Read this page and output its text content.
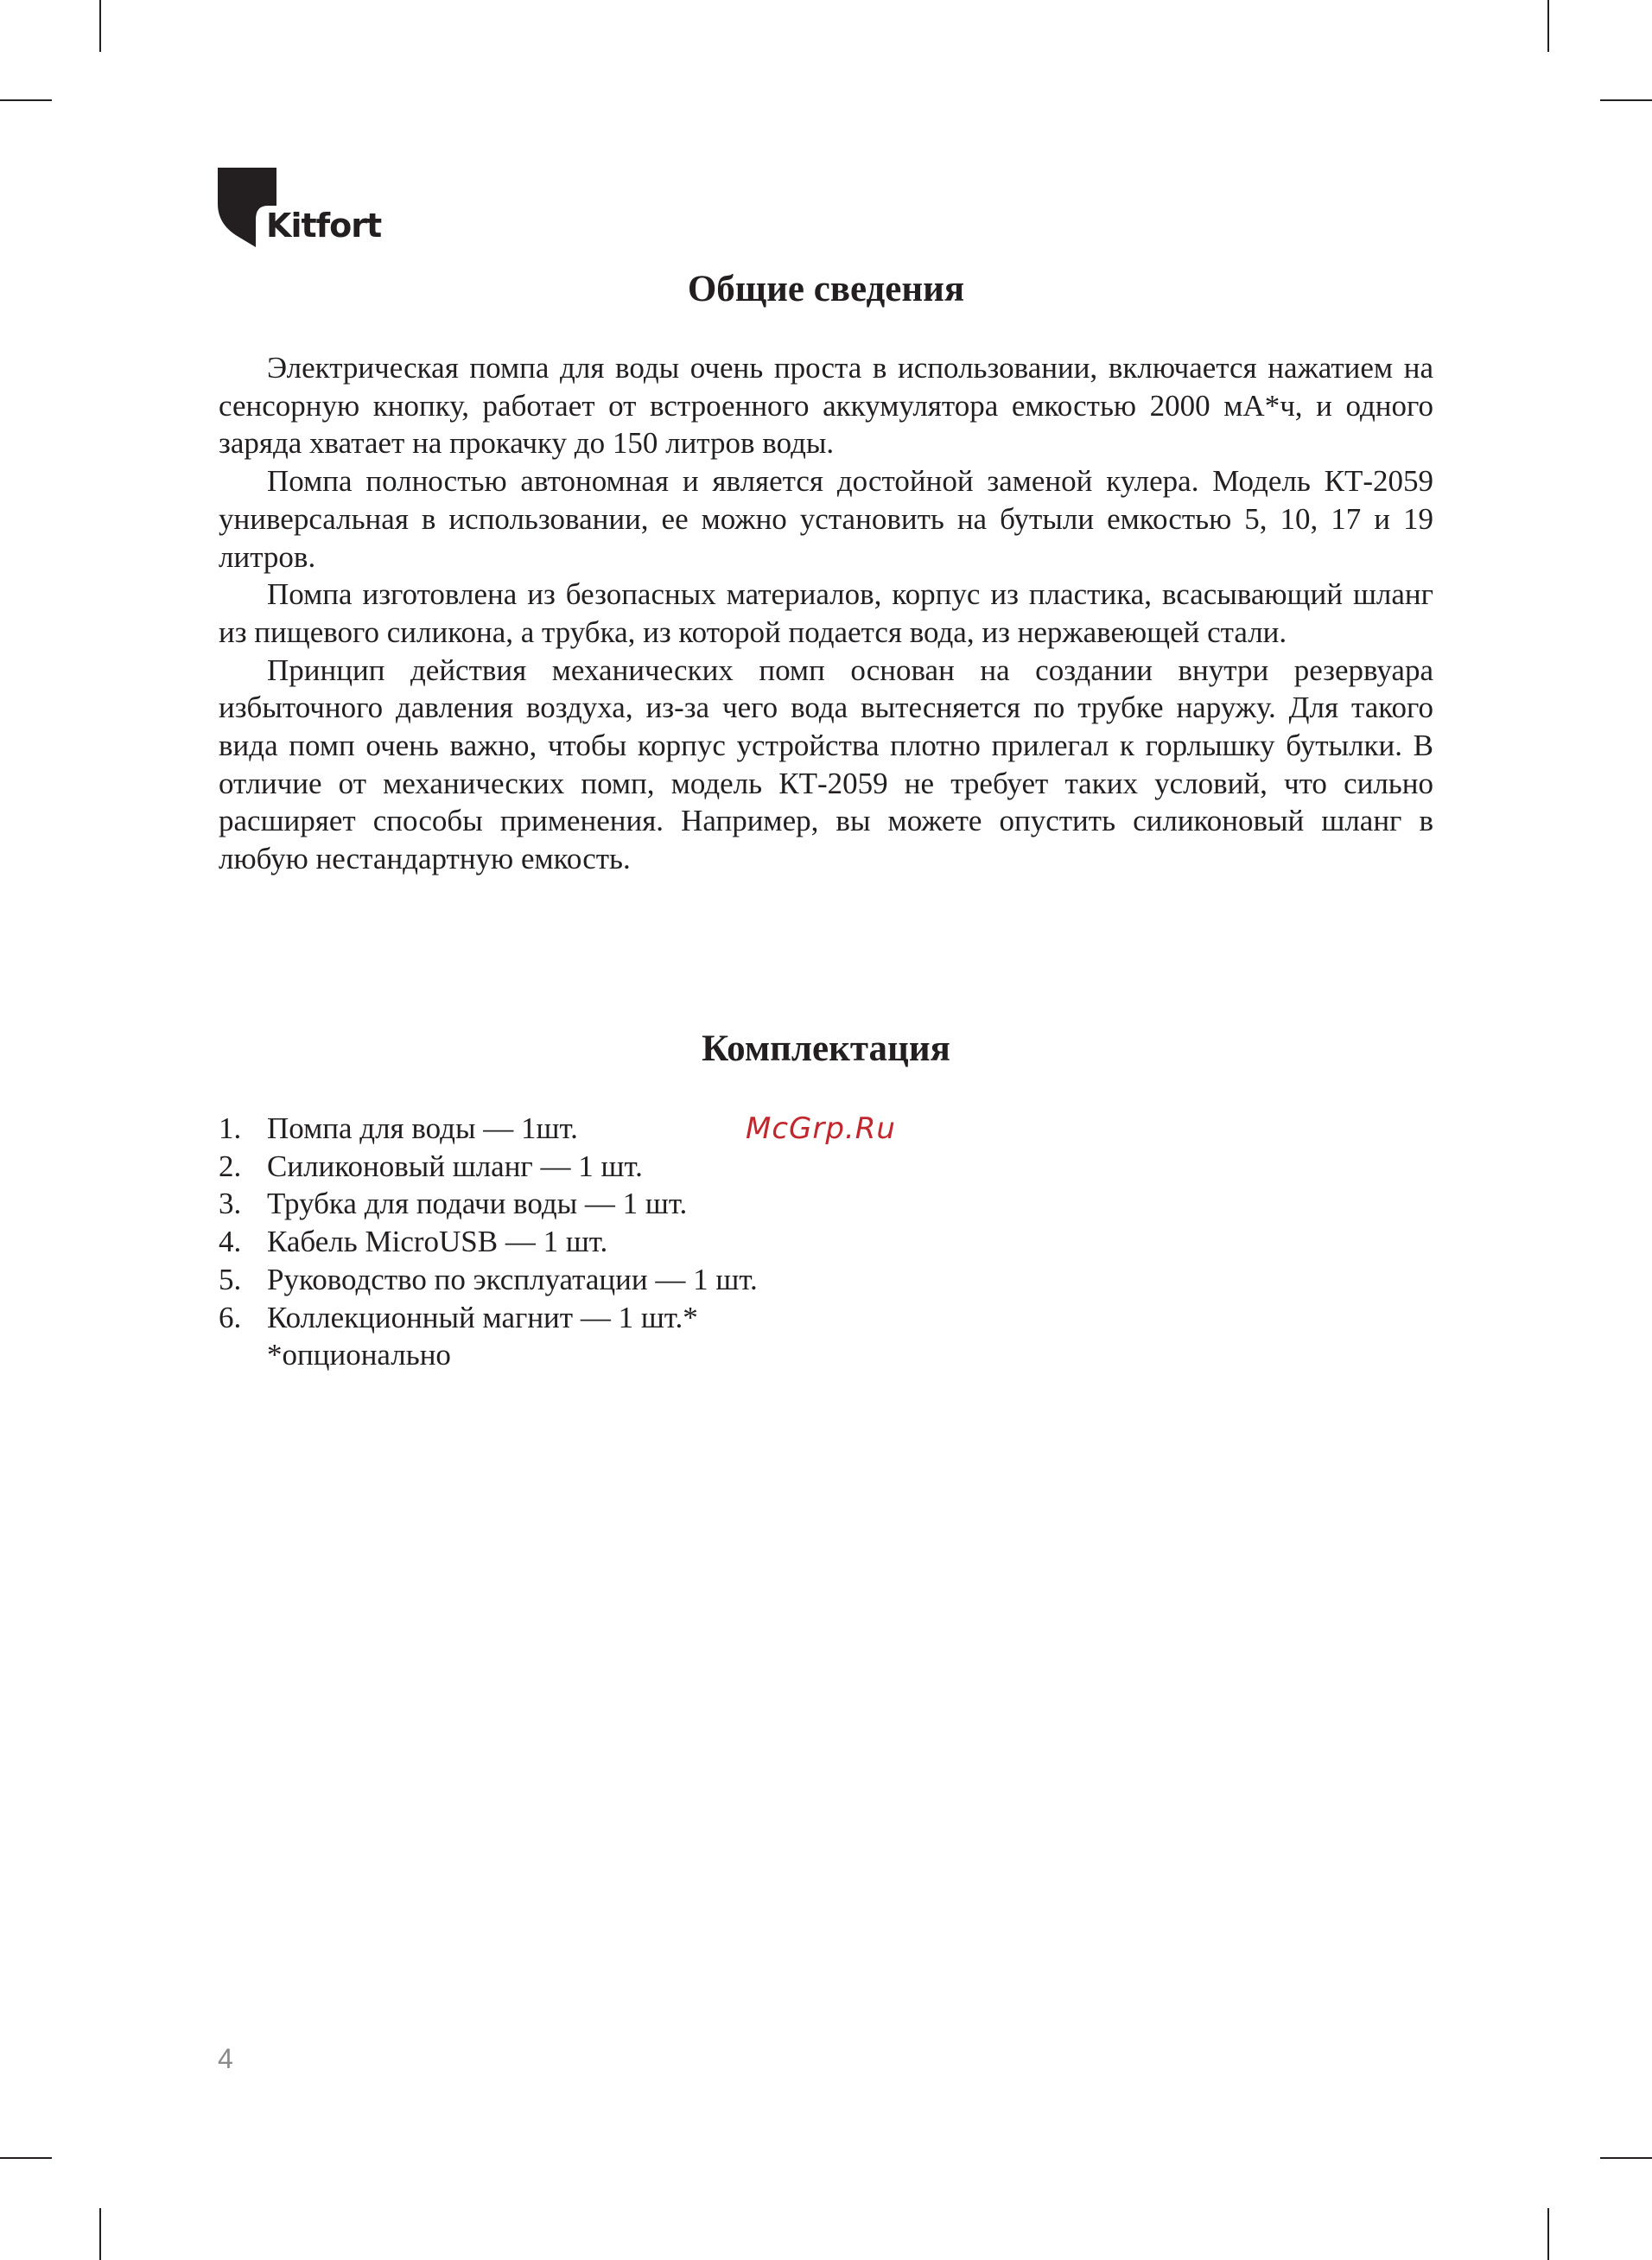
Kitfort
Общие сведения

Электрическая помпа для воды очень проста в использовании, включается нажатием на сенсорную кнопку, работает от встроенного аккумулятора емкостью 2000 мА*ч, и одного заряда хватает на прокачку до 150 литров воды.

Помпа полностью автономная и является достойной заменой кулера. Модель КТ-2059 универсальная в использовании, ее можно установить на бутыли емкостью 5, 10, 17 и 19 литров.

Помпа изготовлена из безопасных материалов, корпус из пластика, всасывающий шланг из пищевого силикона, а трубка, из которой подается вода, из нержавеющей стали.

Принцип действия механических помп основан на создании внутри резервуара избыточного давления воздуха, из-за чего вода вытесняется по трубке наружу. Для такого вида помп очень важно, чтобы корпус устройства плотно прилегал к горлышку бутылки. В отличие от механических помп, модель КТ-2059 не требует таких условий, что сильно расширяет способы применения. Например, вы можете опустить силиконовый шланг в любую нестандартную емкость.

Комплектация
1. Помпа для воды — 1шт.
2. Силиконовый шланг — 1 шт.
3. Трубка для подачи воды — 1 шт.
4. Кабель MicroUSB — 1 шт.
5. Руководство по эксплуатации — 1 шт.
6. Коллекционный магнит — 1 шт.*
*опционально
McGrp.Ru
4
